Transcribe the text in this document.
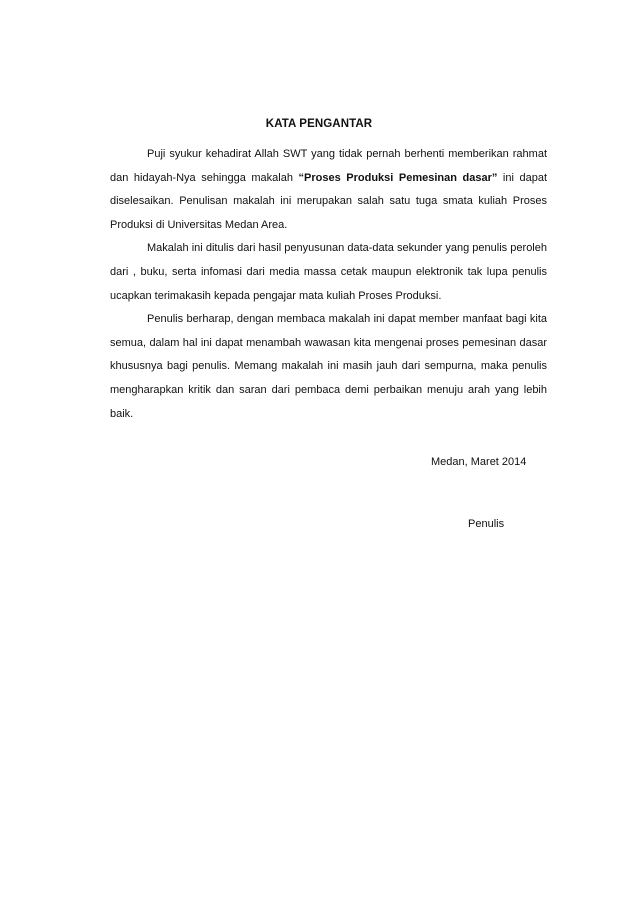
KATA PENGANTAR

Puji syukur kehadirat Allah SWT yang tidak pernah berhenti memberikan rahmat dan hidayah-Nya sehingga makalah “Proses Produksi Pemesinan dasar” ini dapat diselesaikan. Penulisan makalah ini merupakan salah satu tuga smata kuliah Proses Produksi di Universitas Medan Area.

Makalah ini ditulis dari hasil penyusunan data-data sekunder yang penulis peroleh dari , buku, serta infomasi dari media massa cetak maupun elektronik tak lupa penulis ucapkan terimakasih kepada pengajar mata kuliah Proses Produksi.

Penulis berharap, dengan membaca makalah ini dapat member manfaat bagi kita semua, dalam hal ini dapat menambah wawasan kita mengenai proses pemesinan dasar khususnya bagi penulis. Memang makalah ini masih jauh dari sempurna, maka penulis mengharapkan kritik dan saran dari pembaca demi perbaikan menuju arah yang lebih baik.

Medan, Maret 2014
Penulis
